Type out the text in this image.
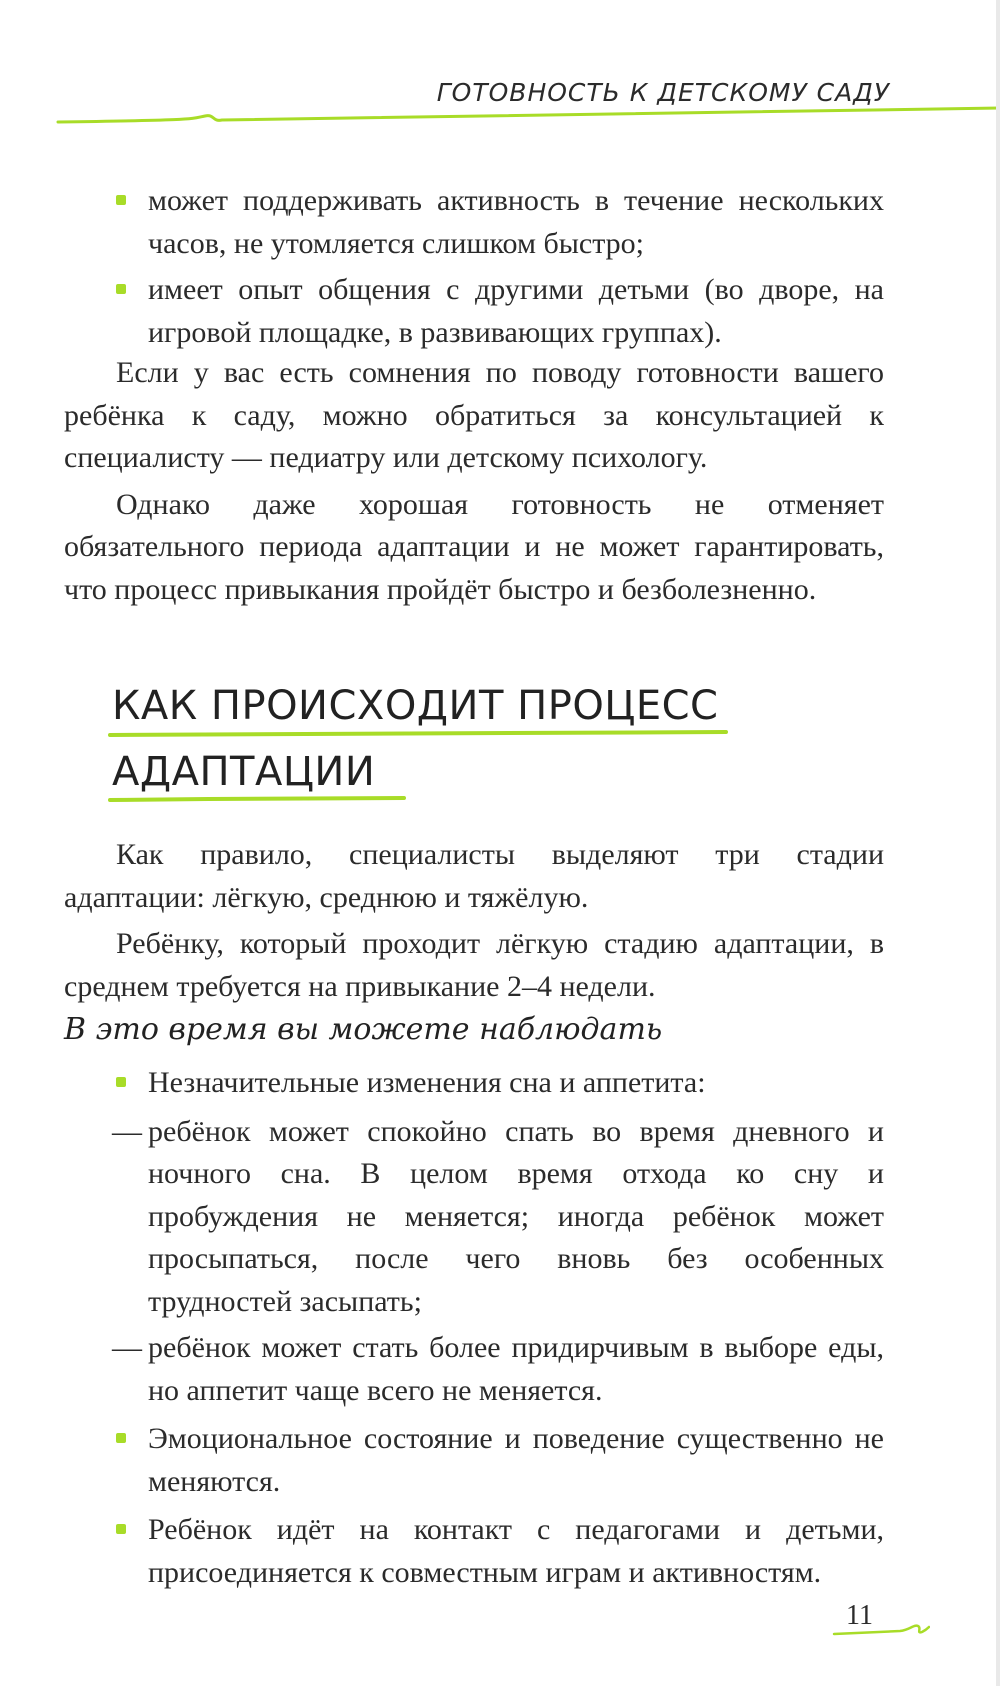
ГОТОВНОСТЬ К ДЕТСКОМУ САДУ

может поддерживать активность в течение нескольких часов, не утомляется слишком быстро;

имеет опыт общения с другими детьми (во дворе, на игровой площадке, в развивающих группах).

Если у вас есть сомнения по поводу готовности вашего ребёнка к саду, можно обратиться за консультацией к специалисту — педиатру или детскому психологу.

Однако даже хорошая готовность не отменяет обязательного периода адаптации и не может гарантировать, что процесс привыкания пройдёт быстро и безболезненно.

КАК ПРОИСХОДИТ ПРОЦЕСС
АДАПТАЦИИ

Как правило, специалисты выделяют три стадии адаптации: лёгкую, среднюю и тяжёлую.

Ребёнку, который проходит лёгкую стадию адаптации, в среднем требуется на привыкание 2–4 недели.

В это время вы можете наблюдать

Незначительные изменения сна и аппетита:

— ребёнок может спокойно спать во время дневного и ночного сна. В целом время отхода ко сну и пробуждения не меняется; иногда ребёнок может просыпаться, после чего вновь без особенных трудностей засыпать;

— ребёнок может стать более придирчивым в выборе еды, но аппетит чаще всего не меняется.

Эмоциональное состояние и поведение существенно не меняются.

Ребёнок идёт на контакт с педагогами и детьми, присоединяется к совместным играм и активностям.

11
